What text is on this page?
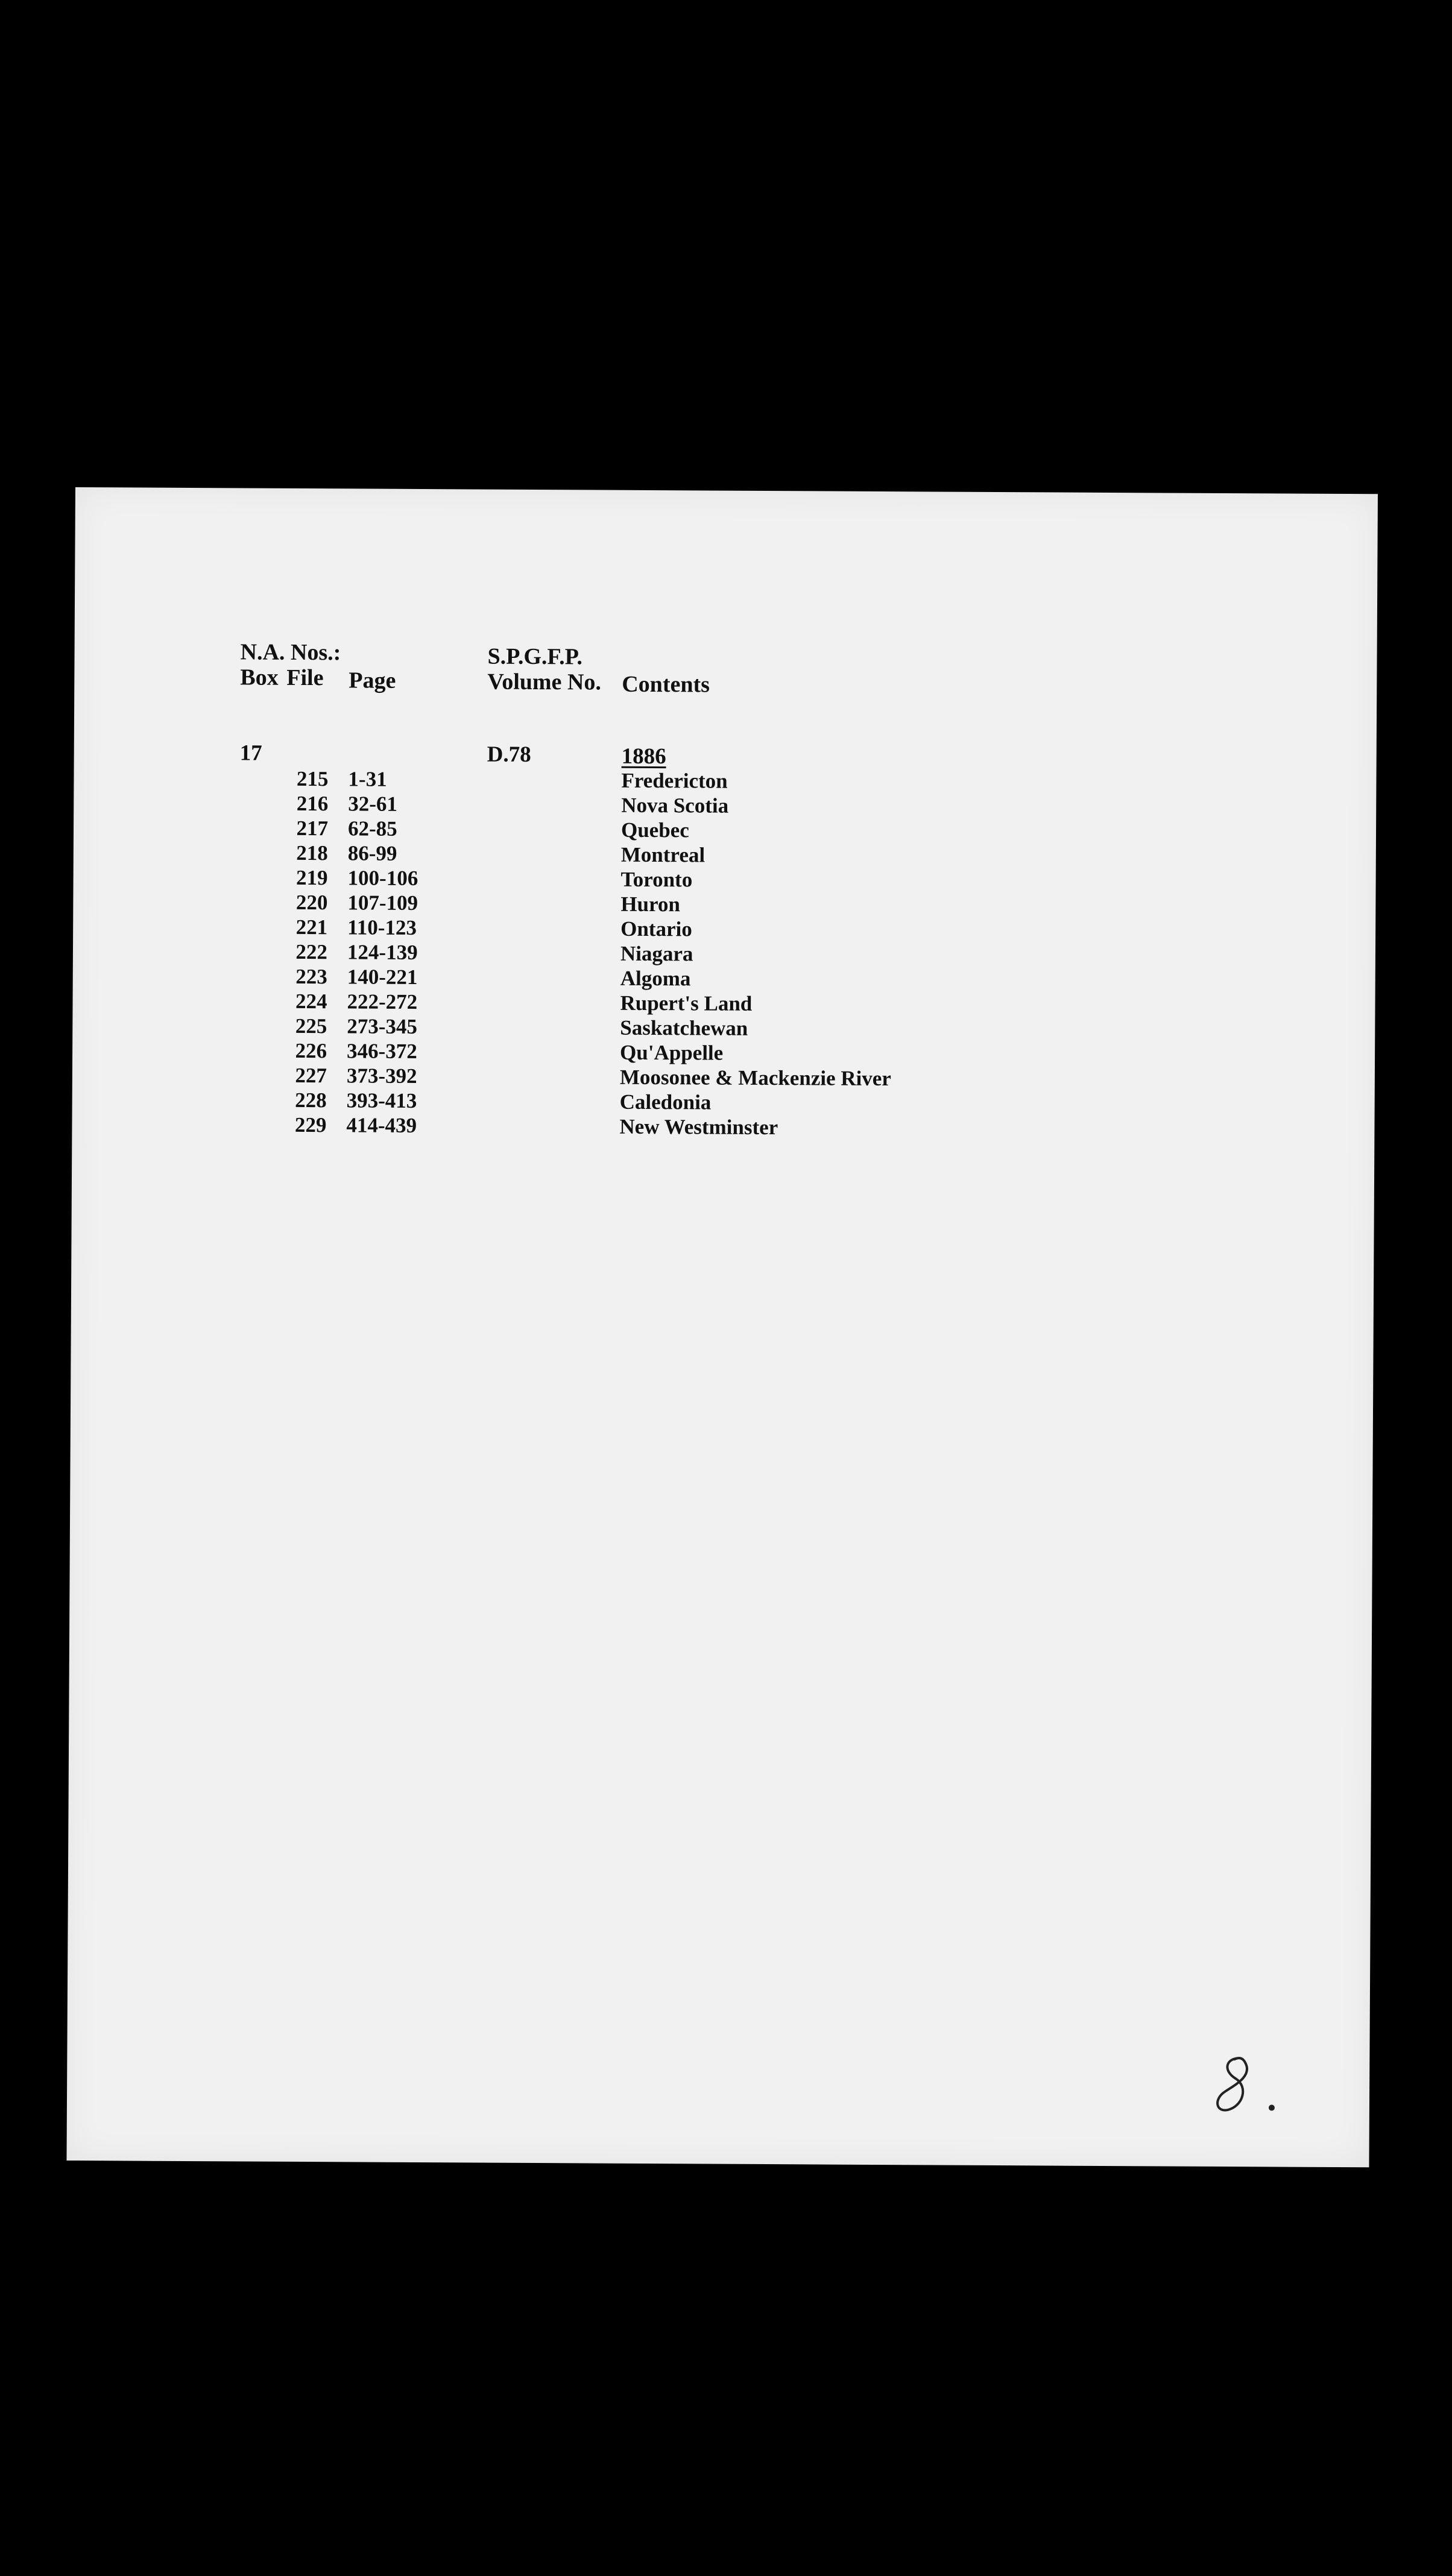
N.A. Nos.:
Box File Page
S.P.G.F.P.
Volume No. Contents
17	D.78	1886
215 1-31	Fredericton
216 32-61	Nova Scotia
217 62-85	Quebec
218 86-99	Montreal
219 100-106	Toronto
220 107-109	Huron
221 110-123	Ontario
222 124-139	Niagara
223 140-221	Algoma
224 222-272	Rupert's Land
225 273-345	Saskatchewan
226 346-372	Qu'Appelle
227 373-392	Moosonee & Mackenzie River
228 393-413	Caledonia
229 414-439	New Westminster
